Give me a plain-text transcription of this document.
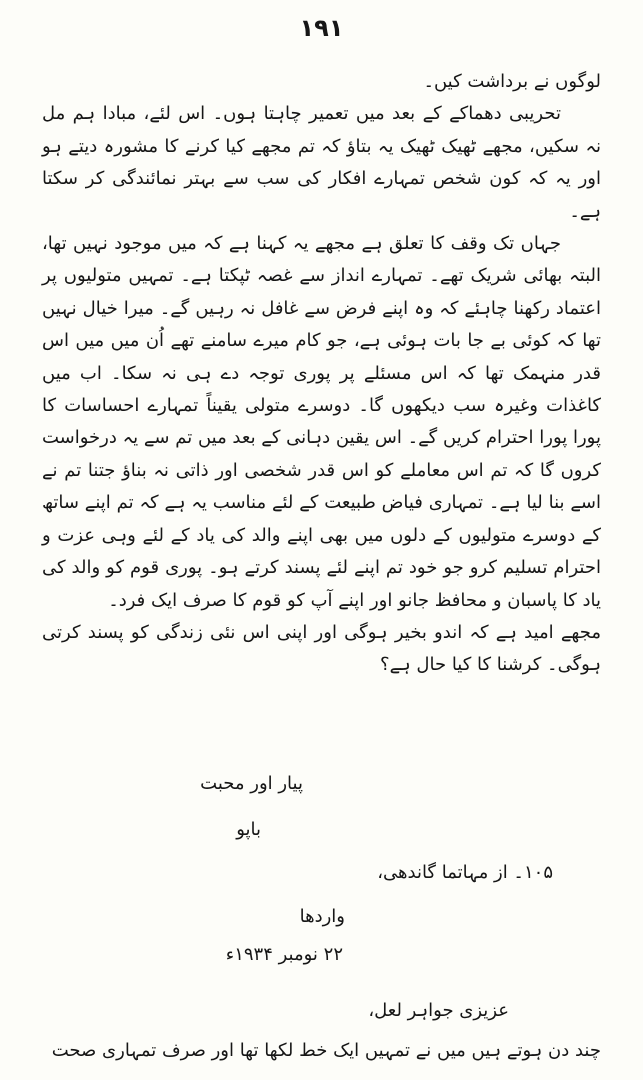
١٩١

لوگوں نے برداشت کیں۔

تحریبی دھماکے کے بعد میں تعمیر چاہتا ہوں۔ اس لئے، مبادا ہم مل نہ سکیں، مجھے ٹھیک ٹھیک یہ بتاؤ کہ تم مجھے کیا کرنے کا مشورہ دیتے ہو اور یہ کہ کون شخص تمہارے افکار کی سب سے بہتر نمائندگی کر سکتا ہے۔

جہاں تک وقف کا تعلق ہے مجھے یہ کہنا ہے کہ میں موجود نہیں تھا، البتہ بھائی شریک تھے۔ تمہارے انداز سے غصہ ٹپکتا ہے۔ تمہیں متولیوں پر اعتماد رکھنا چاہئے کہ وہ اپنے فرض سے غافل نہ رہیں گے۔ میرا خیال نہیں تھا کہ کوئی بے جا بات ہوئی ہے، جو کام میرے سامنے تھے اُن میں میں اس قدر منہمک تھا کہ اس مسئلے پر پوری توجہ دے ہی نہ سکا۔ اب میں کاغذات وغیرہ سب دیکھوں گا۔ دوسرے متولی یقیناً تمہارے احساسات کا پورا پورا احترام کریں گے۔ اس یقین دہانی کے بعد میں تم سے یہ درخواست کروں گا کہ تم اس معاملے کو اس قدر شخصی اور ذاتی نہ بناؤ جتنا تم نے اسے بنا لیا ہے۔ تمہاری فیاض طبیعت کے لئے مناسب یہ ہے کہ تم اپنے ساتھ کے دوسرے متولیوں کے دلوں میں بھی اپنے والد کی یاد کے لئے وہی عزت و احترام تسلیم کرو جو خود تم اپنے لئے پسند کرتے ہو۔ پوری قوم کو والد کی یاد کا پاسبان و محافظ جانو اور اپنے آپ کو قوم کا صرف ایک فرد۔

مجھے امید ہے کہ اندو بخیر ہوگی اور اپنی اس نئی زندگی کو پسند کرتی ہوگی۔ کرشنا کا کیا حال ہے؟

پیار اور محبت
باپو
۱۰۵۔ از مہاتما گاندھی،
واردھا
۲۲ نومبر ۱۹۳۴ء
عزیزی جواہر لعل،
چند دن ہوتے ہیں میں نے تمہیں ایک خط لکھا تھا اور صرف تمہاری صحت
